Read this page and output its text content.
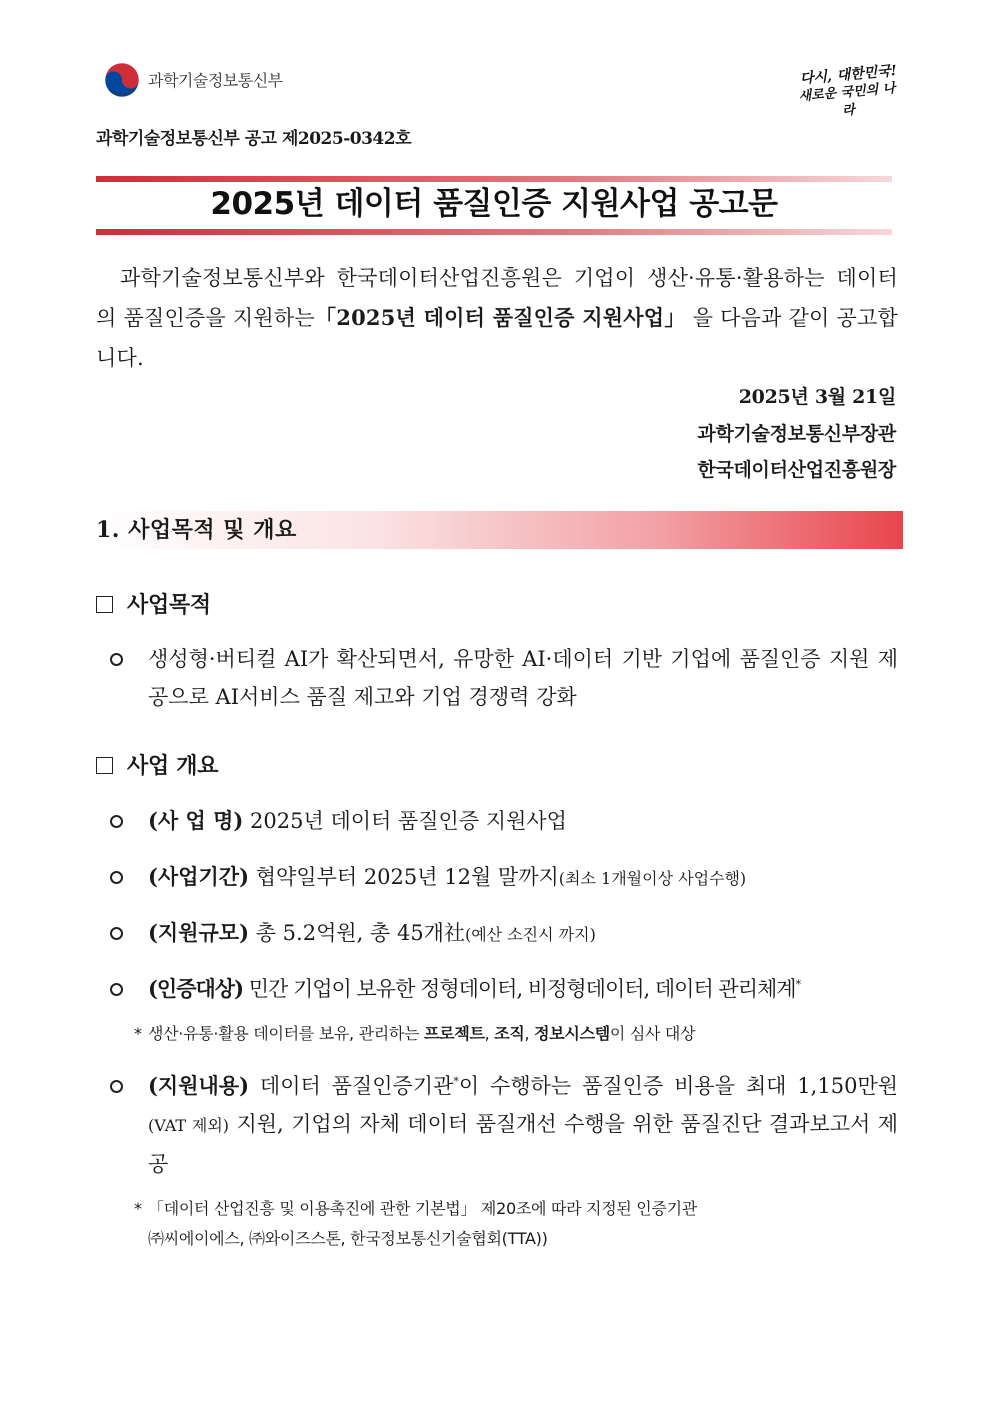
과학기술정보통신부	다시, 대한민국!
새로운 국민의 나라
과학기술정보통신부 공고 제2025-0342호
2025년 데이터 품질인증 지원사업 공고문

과학기술정보통신부와 한국데이터산업진흥원은 기업이 생산·유통·활용하는 데이터의 품질인증을 지원하는「2025년 데이터 품질인증 지원사업」 을 다음과 같이 공고합니다.

2025년 3월 21일
과학기술정보통신부장관
한국데이터산업진흥원장
1. 사업목적 및 개요
사업목적
생성형·버티컬 AI가 확산되면서, 유망한 AI·데이터 기반 기업에 품질인증 지원 제공으로 AI서비스 품질 제고와 기업 경쟁력 강화
사업 개요
(사 업 명) 2025년 데이터 품질인증 지원사업
(사업기간) 협약일부터 2025년 12월 말까지(최소 1개월이상 사업수행)
(지원규모) 총 5.2억원, 총 45개社(예산 소진시 까지)
(인증대상) 민간 기업이 보유한 정형데이터, 비정형데이터, 데이터 관리체계*
* 생산·유통·활용 데이터를 보유, 관리하는 프로젝트, 조직, 정보시스템이 심사 대상
(지원내용) 데이터 품질인증기관*이 수행하는 품질인증 비용을 최대 1,150만원(VAT 제외) 지원, 기업의 자체 데이터 품질개선 수행을 위한 품질진단 결과보고서 제공
* 「데이터 산업진흥 및 이용촉진에 관한 기본법」 제20조에 따라 지정된 인증기관
㈜씨에이에스, ㈜와이즈스톤, 한국정보통신기술협회(TTA))
